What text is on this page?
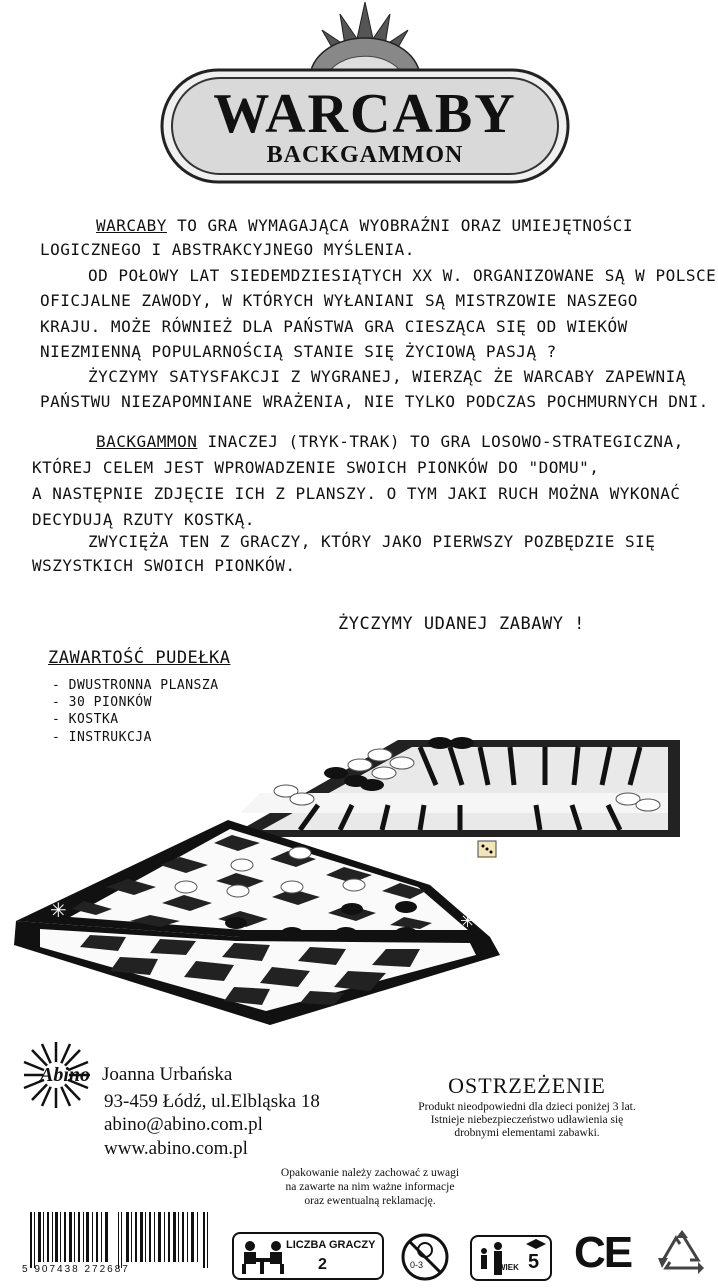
WARCABY
BACKGAMMON
WARCABY TO GRA WYMAGAJĄCA WYOBRAŹNI ORAZ UMIEJĘTNOŚCI
LOGICZNEGO I ABSTRAKCYJNEGO MYŚLENIA.
OD POŁOWY LAT SIEDEMDZIESIĄTYCH XX W. ORGANIZOWANE SĄ W POLSCE
OFICJALNE ZAWODY, W KTÓRYCH WYŁANIANI SĄ MISTRZOWIE NASZEGO
KRAJU. MOŻE RÓWNIEŻ DLA PAŃSTWA GRA CIESZĄCA SIĘ OD WIEKÓW
NIEZMIENNĄ POPULARNOŚCIĄ STANIE SIĘ ŻYCIOWĄ PASJĄ ?
ŻYCZYMY SATYSFAKCJI Z WYGRANEJ, WIERZĄC ŻE WARCABY ZAPEWNIĄ
PAŃSTWU NIEZAPOMNIANE WRAŻENIA, NIE TYLKO PODCZAS POCHMURNYCH DNI.
BACKGAMMON INACZEJ (TRYK-TRAK) TO GRA LOSOWO-STRATEGICZNA,
KTÓREJ CELEM JEST WPROWADZENIE SWOICH PIONKÓW DO "DOMU",
A NASTĘPNIE ZDJĘCIE ICH Z PLANSZY. O TYM JAKI RUCH MOŻNA WYKONAĆ
DECYDUJĄ RZUTY KOSTKĄ.
ZWYCIĘŻA TEN Z GRACZY, KTÓRY JAKO PIERWSZY POZBĘDZIE SIĘ
WSZYSTKICH SWOICH PIONKÓW.
ŻYCZYMY UDANEJ ZABAWY !
ZAWARTOŚĆ PUDEŁKA
- DWUSTRONNA PLANSZA
- 30 PIONKÓW
- KOSTKA
- INSTRUKCJA
✳	✳
Abino Joanna Urbańska
93-459 Łódź, ul.Elbląska 18
abino@abino.com.pl
www.abino.com.pl
OSTRZEŻENIE
Produkt nieodpowiedni dla dzieci poniżej 3 lat.
Istnieje niebezpieczeństwo udławienia się
drobnymi elementami zabawki.
Opakowanie należy zachować z uwagi
na zawarte na nim ważne informacje
oraz ewentualną reklamację.
5 907438 272687
LICZBA GRACZY
2	0-3	WIEK 5 CE
